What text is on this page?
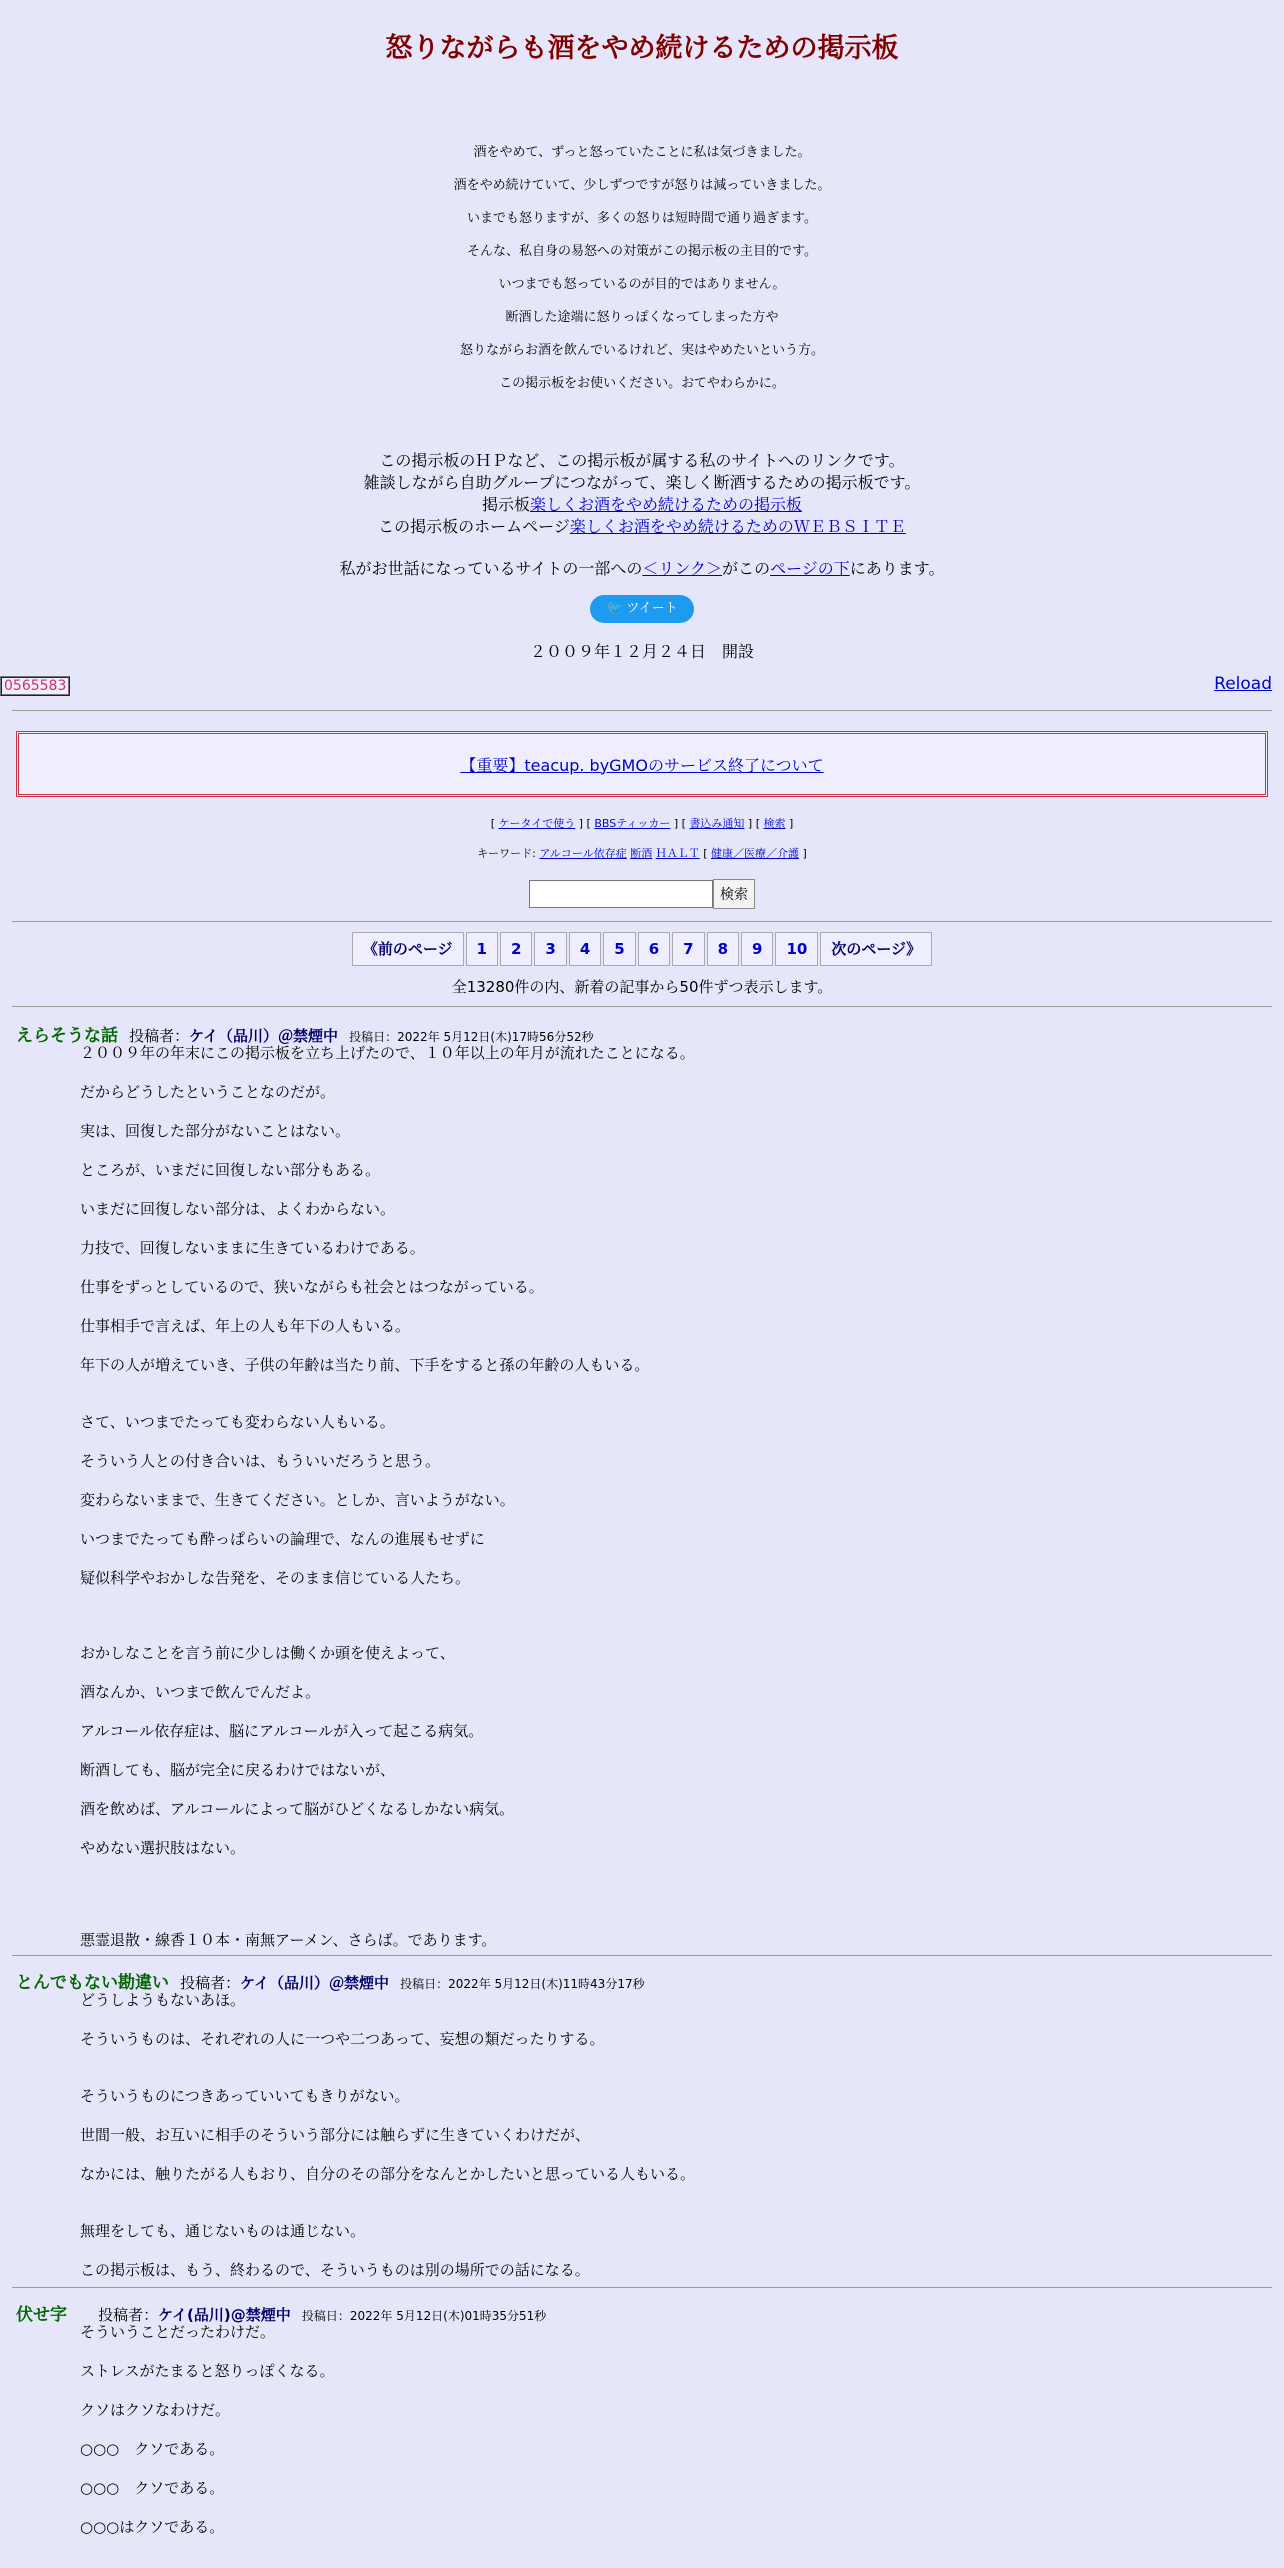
怒りながらも酒をやめ続けるための掲示板
酒をやめて、ずっと怒っていたことに私は気づきました。
酒をやめ続けていて、少しずつですが怒りは減っていきました。
いまでも怒りますが、多くの怒りは短時間で通り過ぎます。
そんな、私自身の易怒への対策がこの掲示板の主目的です。
いつまでも怒っているのが目的ではありません。
断酒した途端に怒りっぽくなってしまった方や
怒りながらお酒を飲んでいるけれど、実はやめたいという方。
この掲示板をお使いください。おてやわらかに。
この掲示板のＨＰなど、この掲示板が属する私のサイトへのリンクです。
雑談しながら自助グループにつながって、楽しく断酒するための掲示板です。
掲示板楽しくお酒をやめ続けるための掲示板
この掲示板のホームページ楽しくお酒をやめ続けるためのＷＥＢＳＩＴＥ
私がお世話になっているサイトの一部への＜リンク＞がこのページの下にあります。
🐦 ツイート
２００９年１２月２４日　開設
0565583	Reload
【重要】teacup. byGMOのサービス終了について
[ ケータイで使う ] [ BBSティッカー ] [ 書込み通知 ] [ 検索 ]
キーワード: アルコール依存症 断酒 ＨＡＬＴ [ 健康／医療／介護 ]
検索
《前のページ 1 2 3 4 5 6 7 8 9 10 次のページ》
全13280件の内、新着の記事から50件ずつ表示します。
えらそうな話 投稿者：ケイ（品川）＠禁煙中 投稿日：2022年 5月12日(木)17時56分52秒
２００９年の年末にこの掲示板を立ち上げたので、１０年以上の年月が流れたことになる。
だからどうしたということなのだが。
実は、回復した部分がないことはない。
ところが、いまだに回復しない部分もある。
いまだに回復しない部分は、よくわからない。
力技で、回復しないままに生きているわけである。
仕事をずっとしているので、狭いながらも社会とはつながっている。
仕事相手で言えば、年上の人も年下の人もいる。
年下の人が増えていき、子供の年齢は当たり前、下手をすると孫の年齢の人もいる。
さて、いつまでたっても変わらない人もいる。
そういう人との付き合いは、もういいだろうと思う。
変わらないままで、生きてください。としか、言いようがない。
いつまでたっても酔っぱらいの論理で、なんの進展もせずに
疑似科学やおかしな告発を、そのまま信じている人たち。
おかしなことを言う前に少しは働くか頭を使えよって、
酒なんか、いつまで飲んでんだよ。
アルコール依存症は、脳にアルコールが入って起こる病気。
断酒しても、脳が完全に戻るわけではないが、
酒を飲めば、アルコールによって脳がひどくなるしかない病気。
やめない選択肢はない。
悪霊退散・線香１０本・南無アーメン、さらば。であります。
とんでもない勘違い 投稿者：ケイ（品川）＠禁煙中 投稿日：2022年 5月12日(木)11時43分17秒
どうしようもないあほ。
そういうものは、それぞれの人に一つや二つあって、妄想の類だったりする。
そういうものにつきあっていいてもきりがない。
世間一般、お互いに相手のそういう部分には触らずに生きていくわけだが、
なかには、触りたがる人もおり、自分のその部分をなんとかしたいと思っている人もいる。
無理をしても、通じないものは通じない。
この掲示板は、もう、終わるので、そういうものは別の場所での話になる。
伏せ字 投稿者：ケイ(品川)@禁煙中 投稿日：2022年 5月12日(木)01時35分51秒
そういうことだったわけだ。
ストレスがたまると怒りっぽくなる。
クソはクソなわけだ。
○○○　クソである。
○○○　クソである。
○○○はクソである。
